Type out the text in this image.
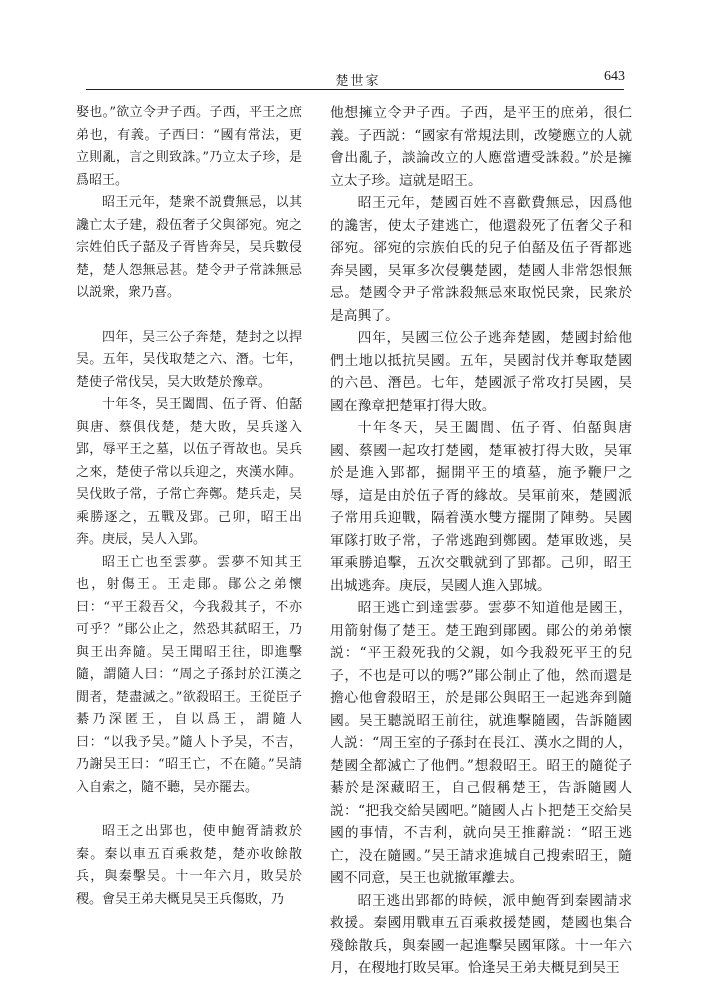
楚世家	643

娶也。”欲立令尹子西。子西，平王之庶弟也，有義。子西曰：“國有常法，更立則亂，言之則致誅。”乃立太子珍，是爲昭王。

昭王元年，楚衆不説費無忌，以其讒亡太子建，殺伍奢子父與郤宛。宛之宗姓伯氏子嚭及子胥皆奔吴，吴兵數侵楚，楚人怨無忌甚。楚令尹子常誅無忌以説衆，衆乃喜。

四年，吴三公子奔楚，楚封之以捍吴。五年，吴伐取楚之六、潛。七年，楚使子常伐吴，吴大敗楚於豫章。

十年冬，吴王闔閭、伍子胥、伯嚭與唐、蔡俱伐楚，楚大敗，吴兵遂入郢，辱平王之墓，以伍子胥故也。吴兵之來，楚使子常以兵迎之，夾漢水陣。吴伐敗子常，子常亡奔鄭。楚兵走，吴乘勝逐之，五戰及郢。己卯，昭王出奔。庚辰，吴人入郢。

昭王亡也至雲夢。雲夢不知其王也，射傷王。王走鄖。鄖公之弟懷曰：“平王殺吾父，今我殺其子，不亦可乎？”鄖公止之，然恐其弑昭王，乃與王出奔隨。吴王聞昭王往，即進擊隨，謂隨人曰：“周之子孫封於江漢之閒者，楚盡滅之。”欲殺昭王。王從臣子綦乃深匿王，自以爲王，謂隨人曰：“以我予吴。”隨人卜予吴，不吉，乃謝吴王曰：“昭王亡，不在隨。”吴請入自索之，隨不聽，吴亦罷去。

昭王之出郢也，使申鮑胥請救於秦。秦以車五百乘救楚，楚亦收餘散兵，與秦擊吴。十一年六月，敗吴於稷。會吴王弟夫概見吴王兵傷敗，乃

他想擁立令尹子西。子西，是平王的庶弟，很仁義。子西説：“國家有常規法則，改變應立的人就會出亂子，談論改立的人應當遭受誅殺。”於是擁立太子珍。這就是昭王。

昭王元年，楚國百姓不喜歡費無忌，因爲他的讒害，使太子建逃亡，他還殺死了伍奢父子和郤宛。郤宛的宗族伯氏的兒子伯嚭及伍子胥都逃奔吴國，吴軍多次侵襲楚國，楚國人非常怨恨無忌。楚國令尹子常誅殺無忌來取悦民衆，民衆於是高興了。

四年，吴國三位公子逃奔楚國，楚國封給他們土地以抵抗吴國。五年，吴國討伐并奪取楚國的六邑、潛邑。七年，楚國派子常攻打吴國，吴國在豫章把楚軍打得大敗。

十年冬天，吴王闔閭、伍子胥、伯嚭與唐國、蔡國一起攻打楚國，楚軍被打得大敗，吴軍於是進入郢都，掘開平王的墳墓，施予鞭尸之辱，這是由於伍子胥的緣故。吴軍前來，楚國派子常用兵迎戰，隔着漢水雙方擺開了陣勢。吴國軍隊打敗子常，子常逃跑到鄭國。楚軍敗逃，吴軍乘勝追擊，五次交戰就到了郢都。己卯，昭王出城逃奔。庚辰，吴國人進入郢城。

昭王逃亡到達雲夢。雲夢不知道他是國王，用箭射傷了楚王。楚王跑到鄖國。鄖公的弟弟懷説：“平王殺死我的父親，如今我殺死平王的兒子，不也是可以的嗎?”鄖公制止了他，然而還是擔心他會殺昭王，於是鄖公與昭王一起逃奔到隨國。吴王聽説昭王前往，就進擊隨國，告訴隨國人説：“周王室的子孫封在長江、漢水之間的人，楚國全都滅亡了他們。”想殺昭王。昭王的隨從子綦於是深藏昭王，自己假稱楚王，告訴隨國人説：“把我交給吴國吧。”隨國人占卜把楚王交給吴國的事情，不吉利，就向吴王推辭説：“昭王逃亡，没在隨國。”吴王請求進城自己搜索昭王，隨國不同意，吴王也就撤軍離去。

昭王逃出郢都的時候，派申鮑胥到秦國請求救援。秦國用戰車五百乘救援楚國，楚國也集合殘餘散兵，與秦國一起進擊吴國軍隊。十一年六月，在稷地打敗吴軍。恰逢吴王弟夫概見到吴王
